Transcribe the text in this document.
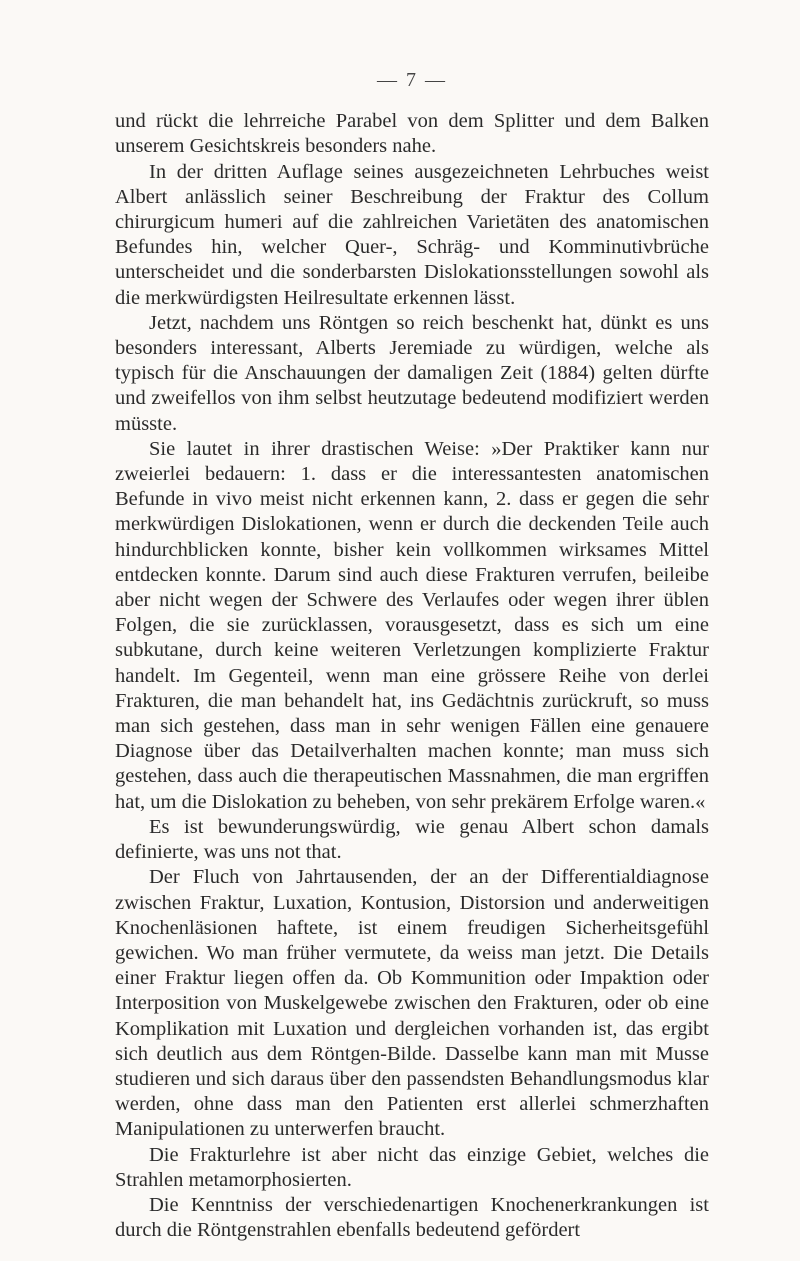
— 7 —

und rückt die lehrreiche Parabel von dem Splitter und dem Balken unserem Gesichtskreis besonders nahe.

In der dritten Auflage seines ausgezeichneten Lehrbuches weist Albert anlässlich seiner Beschreibung der Fraktur des Collum chirurgicum humeri auf die zahlreichen Varietäten des anatomischen Befundes hin, welcher Quer-, Schräg- und Komminutivbrüche unterscheidet und die sonderbarsten Dislokationsstellungen sowohl als die merkwürdigsten Heilresultate erkennen lässt.

Jetzt, nachdem uns Röntgen so reich beschenkt hat, dünkt es uns besonders interessant, Alberts Jeremiade zu würdigen, welche als typisch für die Anschauungen der damaligen Zeit (1884) gelten dürfte und zweifellos von ihm selbst heutzutage bedeutend modifiziert werden müsste.

Sie lautet in ihrer drastischen Weise: »Der Praktiker kann nur zweierlei bedauern: 1. dass er die interessantesten anatomischen Befunde in vivo meist nicht erkennen kann, 2. dass er gegen die sehr merkwürdigen Dislokationen, wenn er durch die deckenden Teile auch hindurchblicken konnte, bisher kein vollkommen wirksames Mittel entdecken konnte. Darum sind auch diese Frakturen verrufen, beileibe aber nicht wegen der Schwere des Verlaufes oder wegen ihrer üblen Folgen, die sie zurücklassen, vorausgesetzt, dass es sich um eine subkutane, durch keine weiteren Verletzungen komplizierte Fraktur handelt. Im Gegenteil, wenn man eine grössere Reihe von derlei Frakturen, die man behandelt hat, ins Gedächtnis zurückruft, so muss man sich gestehen, dass man in sehr wenigen Fällen eine genauere Diagnose über das Detailverhalten machen konnte; man muss sich gestehen, dass auch die therapeutischen Massnahmen, die man ergriffen hat, um die Dislokation zu beheben, von sehr prekärem Erfolge waren.«

Es ist bewunderungswürdig, wie genau Albert schon damals definierte, was uns not that.

Der Fluch von Jahrtausenden, der an der Differentialdiagnose zwischen Fraktur, Luxation, Kontusion, Distorsion und anderweitigen Knochenläsionen haftete, ist einem freudigen Sicherheitsgefühl gewichen. Wo man früher vermutete, da weiss man jetzt. Die Details einer Fraktur liegen offen da. Ob Kommunition oder Impaktion oder Interposition von Muskelgewebe zwischen den Frakturen, oder ob eine Komplikation mit Luxation und dergleichen vorhanden ist, das ergibt sich deutlich aus dem Röntgen-Bilde. Dasselbe kann man mit Musse studieren und sich daraus über den passendsten Behandlungsmodus klar werden, ohne dass man den Patienten erst allerlei schmerzhaften Manipulationen zu unterwerfen braucht.

Die Frakturlehre ist aber nicht das einzige Gebiet, welches die Strahlen metamorphosierten.

Die Kenntniss der verschiedenartigen Knochenerkrankungen ist durch die Röntgenstrahlen ebenfalls bedeutend gefördert
